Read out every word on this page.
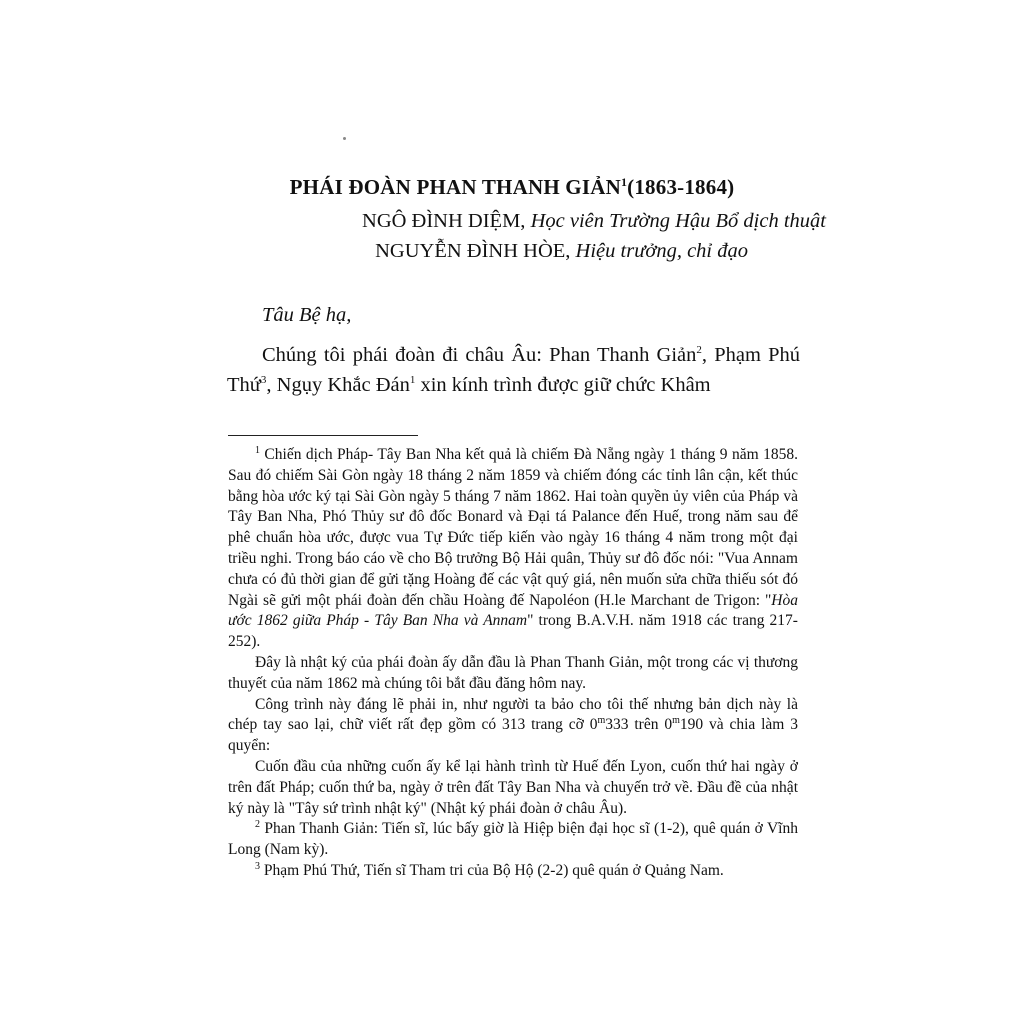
PHÁI ĐOÀN PHAN THANH GIẢN$^1$(1863-1864)
NGÔ ĐÌNH DIỆM, Học viên Trường Hậu Bổ dịch thuật
NGUYỄN ĐÌNH HÒE, Hiệu trưởng, chỉ đạo
Tâu Bệ hạ,
Chúng tôi phái đoàn đi châu Âu: Phan Thanh Giản$^2$, Phạm Phú Thứ$^3$, Ngụy Khắc Đán$^1$ xin kính trình được giữ chức Khâm

$^1$ Chiến dịch Pháp- Tây Ban Nha kết quả là chiếm Đà Nẵng ngày 1 tháng 9 năm 1858. Sau đó chiếm Sài Gòn ngày 18 tháng 2 năm 1859 và chiếm đóng các tỉnh lân cận, kết thúc bằng hòa ước ký tại Sài Gòn ngày 5 tháng 7 năm 1862. Hai toàn quyền ủy viên của Pháp và Tây Ban Nha, Phó Thủy sư đô đốc Bonard và Đại tá Palance đến Huế, trong năm sau để phê chuẩn hòa ước, được vua Tự Đức tiếp kiến vào ngày 16 tháng 4 năm trong một đại triều nghi. Trong báo cáo về cho Bộ trưởng Bộ Hải quân, Thủy sư đô đốc nói: "Vua Annam chưa có đủ thời gian để gửi tặng Hoàng đế các vật quý giá, nên muốn sửa chữa thiếu sót đó Ngài sẽ gửi một phái đoàn đến chầu Hoàng đế Napoléon (H.le Marchant de Trigon: "Hòa ước 1862 giữa Pháp - Tây Ban Nha và Annam" trong B.A.V.H. năm 1918 các trang 217-252).

Đây là nhật ký của phái đoàn ấy dẫn đầu là Phan Thanh Giản, một trong các vị thương thuyết của năm 1862 mà chúng tôi bắt đầu đăng hôm nay.

Công trình này đáng lẽ phải in, như người ta bảo cho tôi thế nhưng bản dịch này là chép tay sao lại, chữ viết rất đẹp gồm có 313 trang cỡ 0$^m$333 trên 0$^m$190 và chia làm 3 quyển:

Cuốn đầu của những cuốn ấy kể lại hành trình từ Huế đến Lyon, cuốn thứ hai ngày ở trên đất Pháp; cuốn thứ ba, ngày ở trên đất Tây Ban Nha và chuyến trở về. Đầu đề của nhật ký này là "Tây sứ trình nhật ký" (Nhật ký phái đoàn ở châu Âu).

$^2$ Phan Thanh Giản: Tiến sĩ, lúc bấy giờ là Hiệp biện đại học sĩ (1-2), quê quán ở Vĩnh Long (Nam kỳ).

$^3$ Phạm Phú Thứ, Tiến sĩ Tham tri của Bộ Hộ (2-2) quê quán ở Quảng Nam.
